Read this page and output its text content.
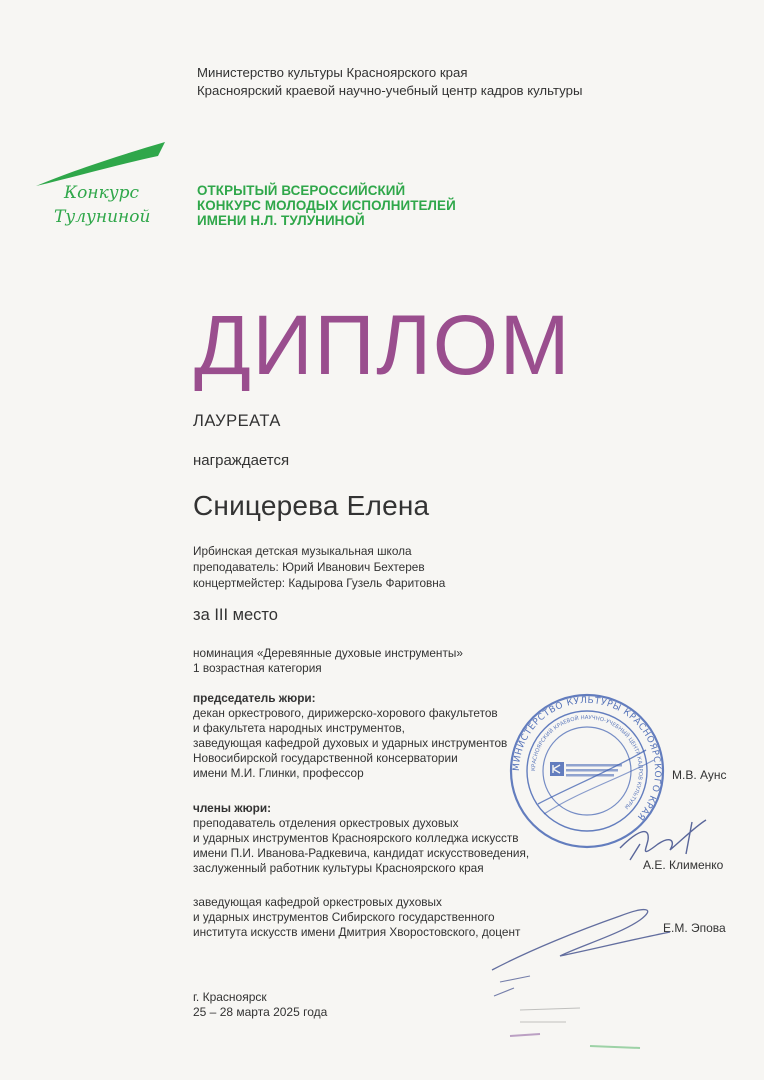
Министерство культуры Красноярского края
Красноярский краевой научно-учебный центр кадров культуры
Конкурс
Тулуниной
ОТКРЫТЫЙ ВСЕРОССИЙСКИЙ
КОНКУРС МОЛОДЫХ ИСПОЛНИТЕЛЕЙ
ИМЕНИ Н.Л. ТУЛУНИНОЙ
ДИПЛОМ
ЛАУРЕАТА
награждается
Сницерева Елена
Ирбинская детская музыкальная школа
преподаватель: Юрий Иванович Бехтерев
концертмейстер: Кадырова Гузель Фаритовна
за III место
номинация «Деревянные духовые инструменты»
1 возрастная категория
председатель жюри:
декан оркестрового, дирижерско-хорового факультетов
и факультета народных инструментов,
заведующая кафедрой духовых и ударных инструментов
Новосибирской государственной консерватории
имени М.И. Глинки, профессор
члены жюри:
преподаватель отделения оркестровых духовых
и ударных инструментов Красноярского колледжа искусств
имени П.И. Иванова-Радкевича, кандидат искусствоведения,
заслуженный работник культуры Красноярского края
заведующая кафедрой оркестровых духовых
и ударных инструментов Сибирского государственного
института искусств имени Дмитрия Хворостовского, доцент
МИНИСТЕРСТВО КУЛЬТУРЫ КРАСНОЯРСКОГО КРАЯ
КРАСНОЯРСКИЙ КРАЕВОЙ НАУЧНО-УЧЕБНЫЙ ЦЕНТР КАДРОВ КУЛЬТУРЫ
М.В. Аунс
А.Е. Клименко
Е.М. Эпова
г. Красноярск
25 – 28 марта 2025 года
